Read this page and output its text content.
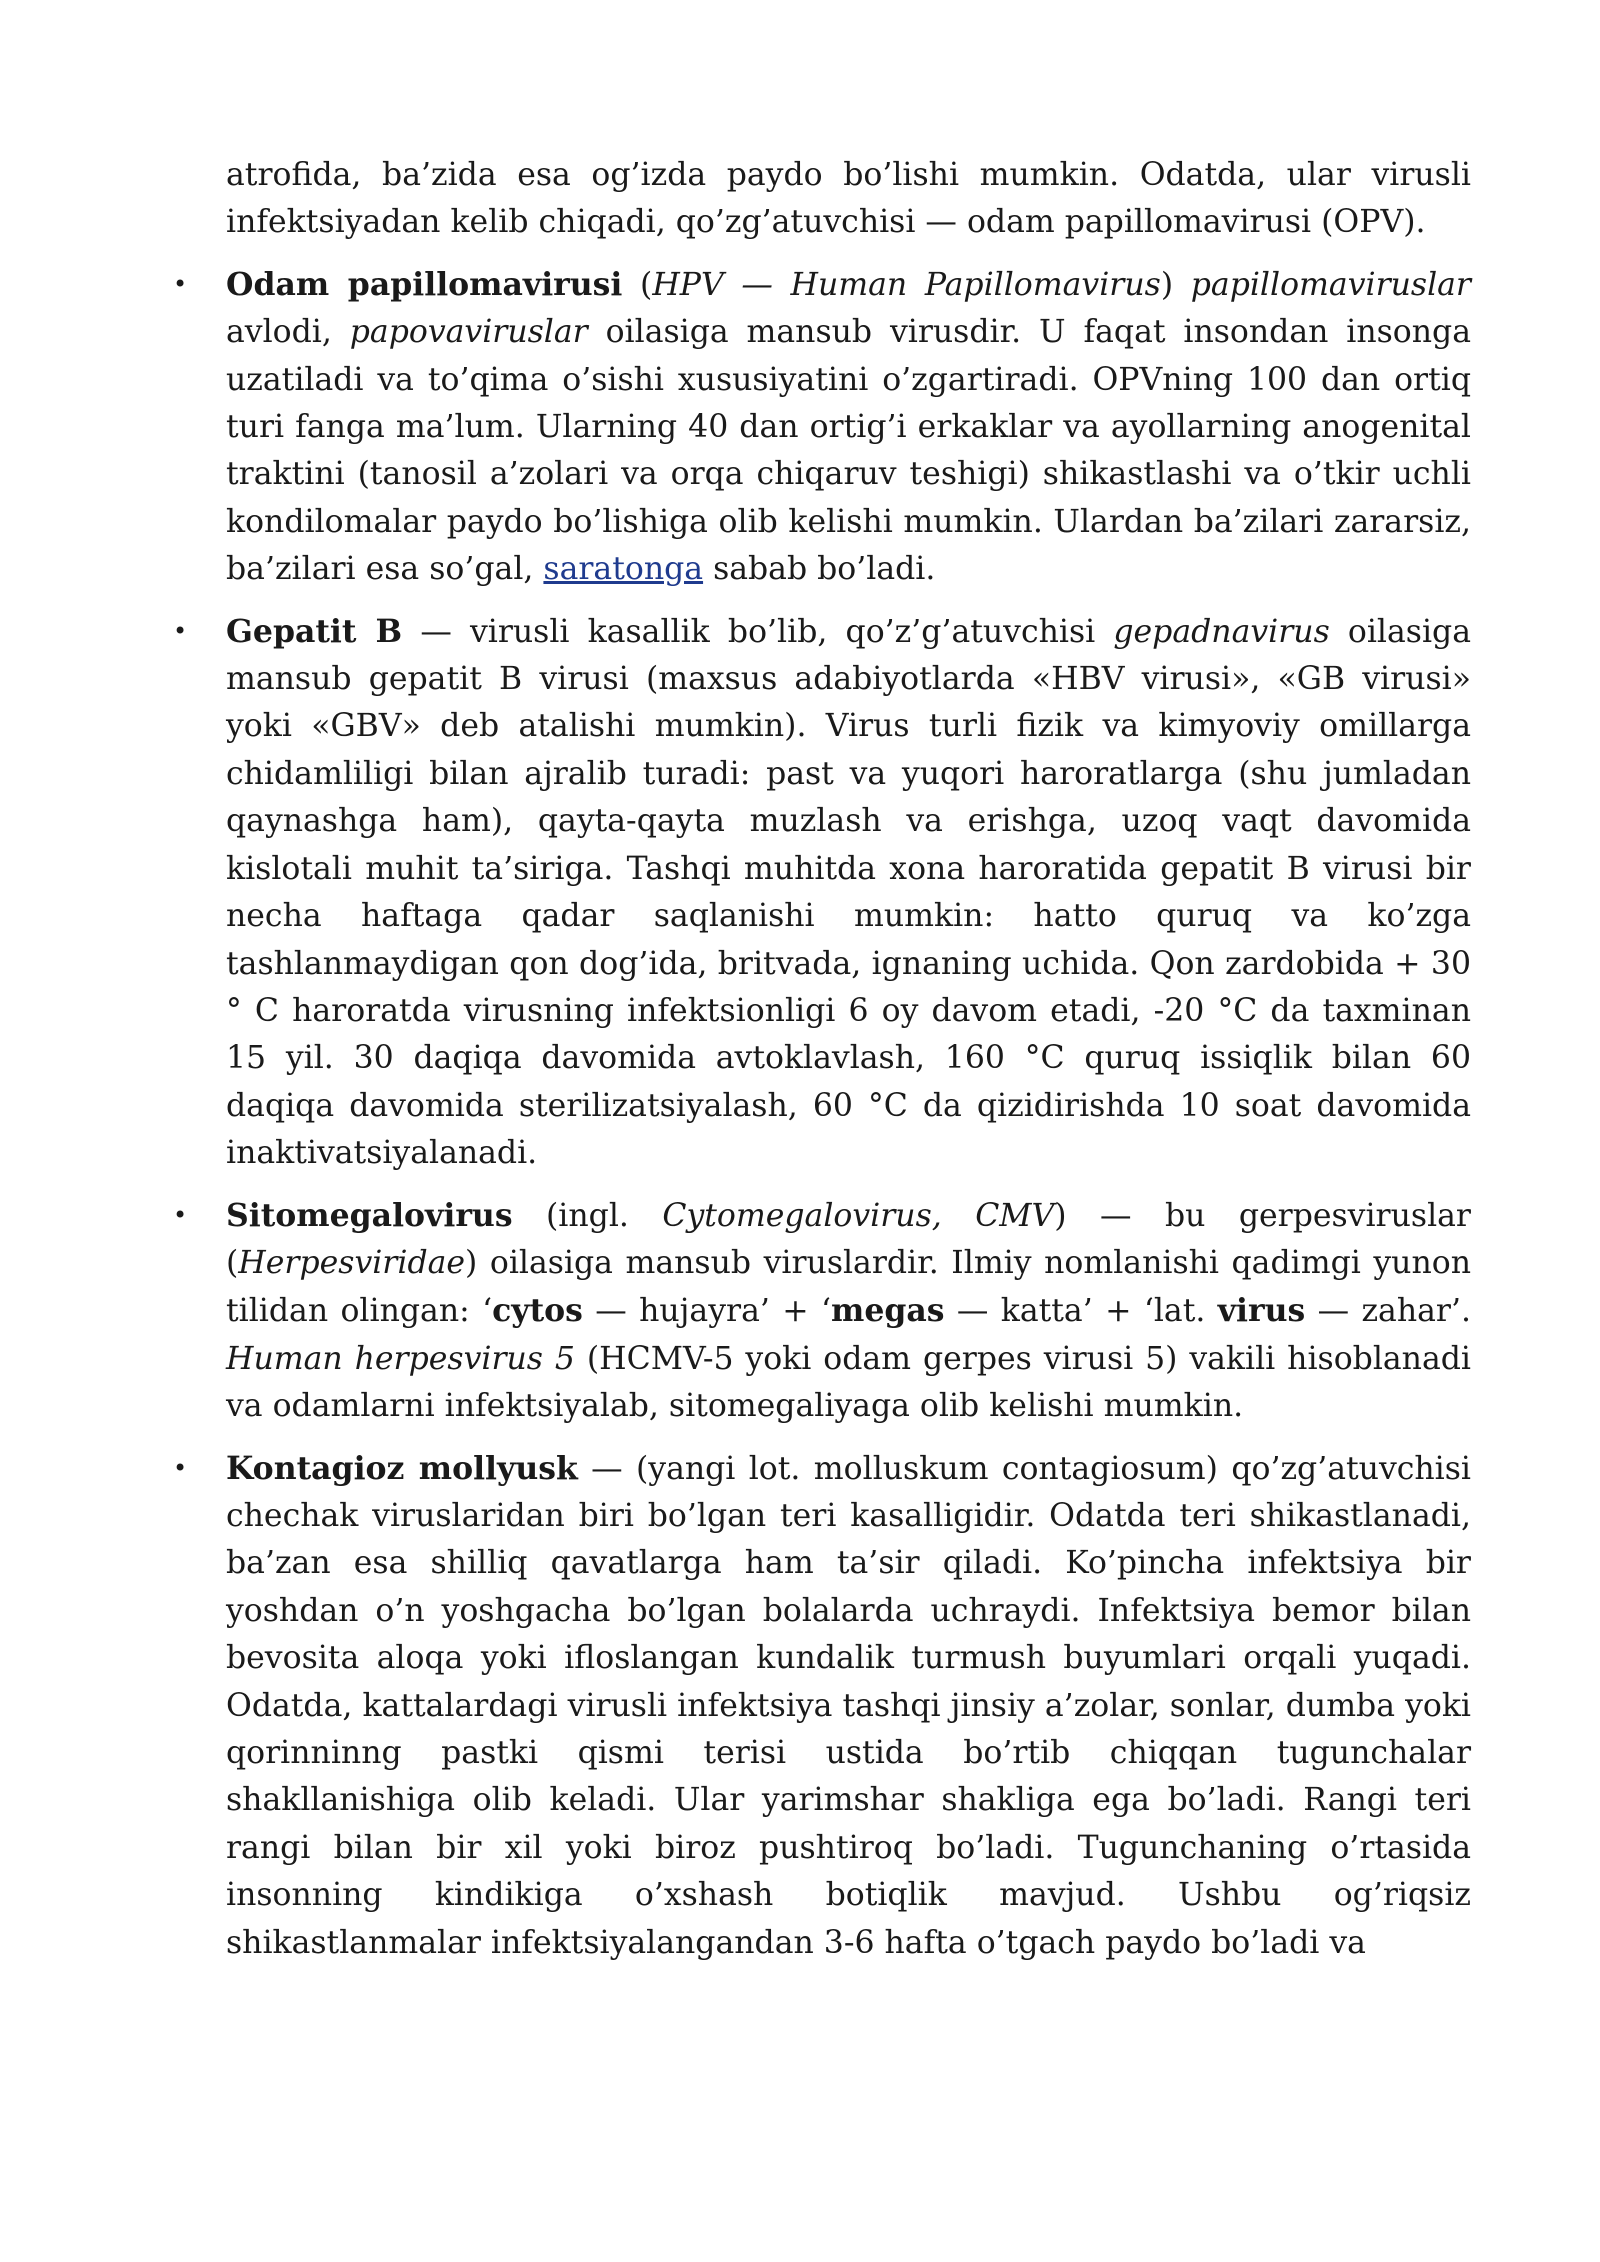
atrofida, ba’zida esa og’izda paydo bo’lishi mumkin. Odatda, ular virusli infektsiyadan kelib chiqadi, qo’zg’atuvchisi — odam papillomavirusi (OPV).

• Odam papillomavirusi (HPV — Human Papillomavirus) papillomaviruslar avlodi, papovaviruslar oilasiga mansub virusdir. U faqat insondan insonga uzatiladi va to’qima o’sishi xususiyatini o’zgartiradi. OPVning 100 dan ortiq turi fanga ma’lum. Ularning 40 dan ortig’i erkaklar va ayollarning anogenital traktini (tanosil a’zolari va orqa chiqaruv teshigi) shikastlashi va o’tkir uchli kondilomalar paydo bo’lishiga olib kelishi mumkin. Ulardan ba’zilari zararsiz, ba’zilari esa so’gal, saratonga sabab bo’ladi.

• Gepatit B — virusli kasallik bo’lib, qo’z’g’atuvchisi gepadnavirus oilasiga mansub gepatit B virusi (maxsus adabiyotlarda «HBV virusi», «GB virusi» yoki «GBV» deb atalishi mumkin). Virus turli fizik va kimyoviy omillarga chidamliligi bilan ajralib turadi: past va yuqori haroratlarga (shu jumladan qaynashga ham), qayta-qayta muzlash va erishga, uzoq vaqt davomida kislotali muhit ta’siriga. Tashqi muhitda xona haroratida gepatit B virusi bir necha haftaga qadar saqlanishi mumkin: hatto quruq va ko’zga tashlanmaydigan qon dog’ida, britvada, ignaning uchida. Qon zardobida + 30 ° C haroratda virusning infektsionligi 6 oy davom etadi, -20 °C da taxminan 15 yil. 30 daqiqa davomida avtoklavlash, 160 °C quruq issiqlik bilan 60 daqiqa davomida sterilizatsiyalash, 60 °C da qizidirishda 10 soat davomida inaktivatsiyalanadi.

• Sitomegalovirus (ingl. Cytomegalovirus, CMV) — bu gerpesviruslar (Herpesviridae) oilasiga mansub viruslardir. Ilmiy nomlanishi qadimgi yunon tilidan olingan: ‘cytos — hujayra’ + ‘megas — katta’ + ‘lat. virus — zahar’. Human herpesvirus 5 (HCMV-5 yoki odam gerpes virusi 5) vakili hisoblanadi va odamlarni infektsiyalab, sitomegaliyaga olib kelishi mumkin.

• Kontagioz mollyusk — (yangi lot. molluskum contagiosum) qo’zg’atuvchisi chechak viruslaridan biri bo’lgan teri kasalligidir. Odatda teri shikastlanadi, ba’zan esa shilliq qavatlarga ham ta’sir qiladi. Ko’pincha infektsiya bir yoshdan o’n yoshgacha bo’lgan bolalarda uchraydi. Infektsiya bemor bilan bevosita aloqa yoki ifloslangan kundalik turmush buyumlari orqali yuqadi. Odatda, kattalardagi virusli infektsiya tashqi jinsiy a’zolar, sonlar, dumba yoki qorinninng pastki qismi terisi ustida bo’rtib chiqqan tugunchalar shakllanishiga olib keladi. Ular yarimshar shakliga ega bo’ladi. Rangi teri rangi bilan bir xil yoki biroz pushtiroq bo’ladi. Tugunchaning o’rtasida insonning kindikiga o’xshash botiqlik mavjud. Ushbu og’riqsiz shikastlanmalar infektsiyalangandan 3-6 hafta o’tgach paydo bo’ladi va
